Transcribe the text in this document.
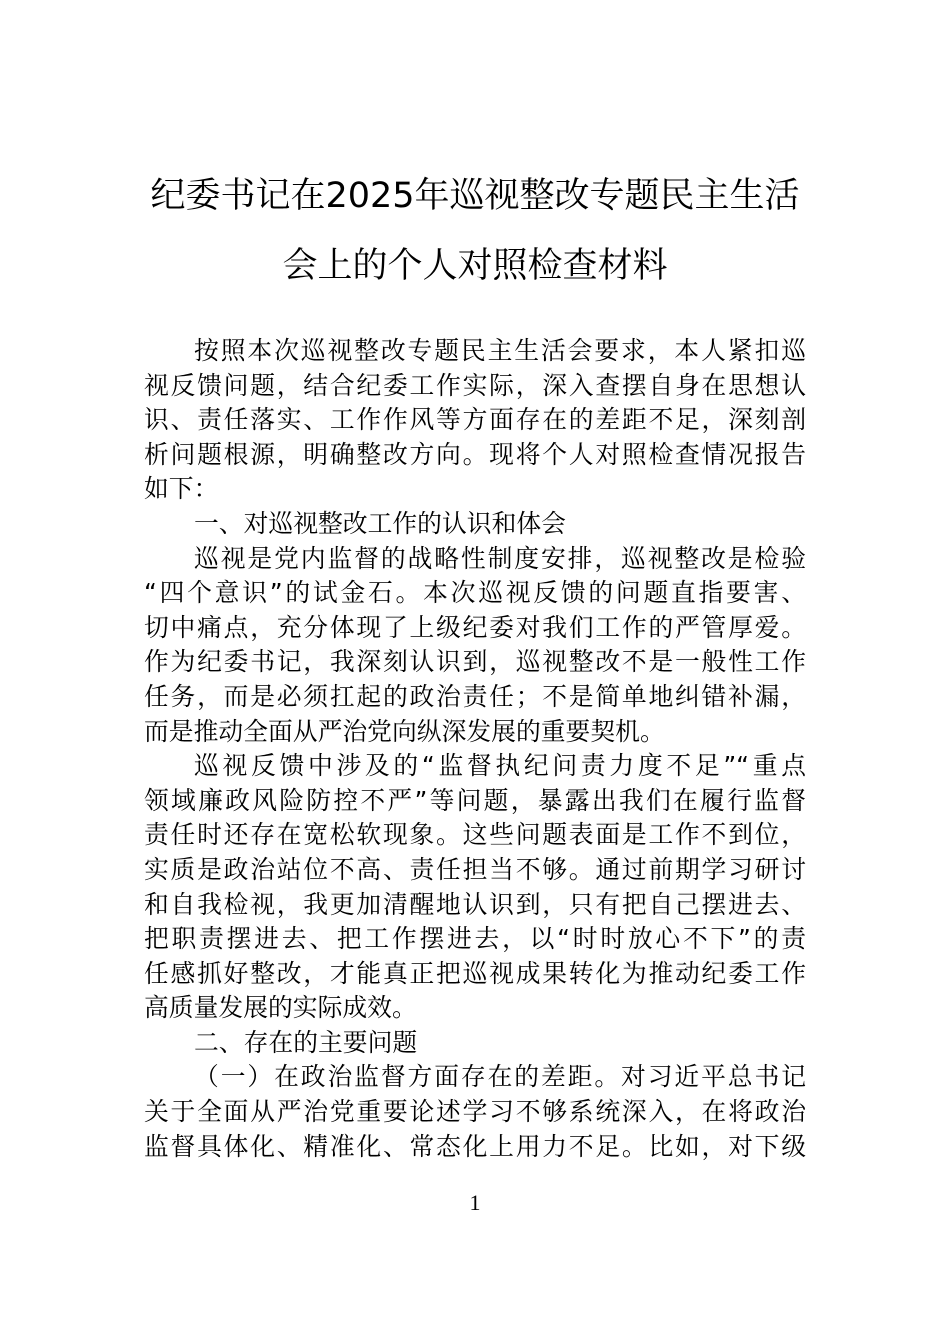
纪委书记在2025年巡视整改专题民主生活
会上的个人对照检查材料
按照本次巡视整改专题民主生活会要求，本人紧扣巡
视反馈问题，结合纪委工作实际，深入查摆自身在思想认
识、责任落实、工作作风等方面存在的差距不足，深刻剖
析问题根源，明确整改方向。现将个人对照检查情况报告
如下：
一、对巡视整改工作的认识和体会
巡视是党内监督的战略性制度安排，巡视整改是检验
“四个意识”的试金石。本次巡视反馈的问题直指要害、
切中痛点，充分体现了上级纪委对我们工作的严管厚爱。
作为纪委书记，我深刻认识到，巡视整改不是一般性工作
任务，而是必须扛起的政治责任；不是简单地纠错补漏，
而是推动全面从严治党向纵深发展的重要契机。
巡视反馈中涉及的“监督执纪问责力度不足”“重点
领域廉政风险防控不严”等问题，暴露出我们在履行监督
责任时还存在宽松软现象。这些问题表面是工作不到位，
实质是政治站位不高、责任担当不够。通过前期学习研讨
和自我检视，我更加清醒地认识到，只有把自己摆进去、
把职责摆进去、把工作摆进去，以“时时放心不下”的责
任感抓好整改，才能真正把巡视成果转化为推动纪委工作
高质量发展的实际成效。
二、存在的主要问题
（一）在政治监督方面存在的差距。对习近平总书记
关于全面从严治党重要论述学习不够系统深入，在将政治
监督具体化、精准化、常态化上用力不足。比如，对下级
1
